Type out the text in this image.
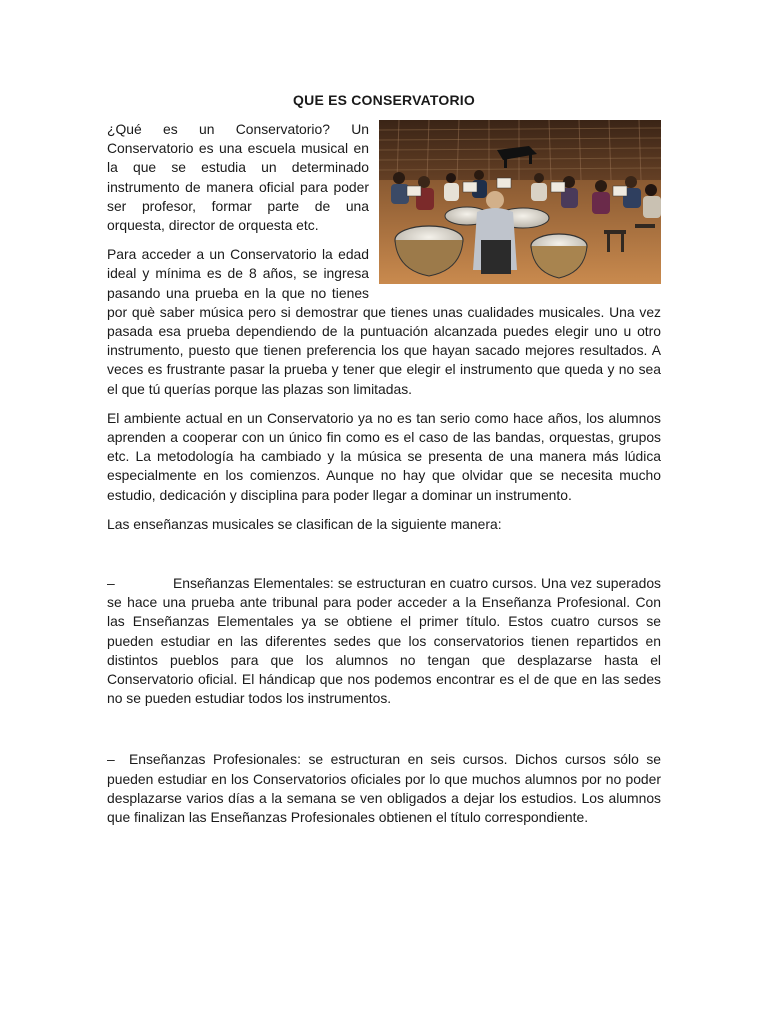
QUE ES CONSERVATORIO

¿Qué es un Conservatorio? Un Conservatorio es una escuela musical en la que se estudia un determinado instrumento de manera oficial para poder ser profesor, formar parte de una orquesta, director de orquesta etc.

Para acceder a un Conservatorio la edad ideal y mínima es de 8 años, se ingresa pasando una prueba en la que no tienes por què saber música pero si demostrar que tienes unas cualidades musicales. Una vez pasada esa prueba dependiendo de la puntuación alcanzada puedes elegir uno u otro instrumento, puesto que tienen preferencia los que hayan sacado mejores resultados. A veces es frustrante pasar la prueba y tener que elegir el instrumento que queda y no sea el que tú querías porque las plazas son limitadas.

El ambiente actual en un Conservatorio ya no es tan serio como hace años, los alumnos aprenden a cooperar con un único fin como es el caso de las bandas, orquestas, grupos etc. La metodología ha cambiado y la música se presenta de una manera más lúdica especialmente en los comienzos. Aunque no hay que olvidar que se necesita mucho estudio, dedicación y disciplina para poder llegar a dominar un instrumento.

Las enseñanzas musicales se clasifican de la siguiente manera:

–	Enseñanzas Elementales: se estructuran en cuatro cursos. Una vez superados se hace una prueba ante tribunal para poder acceder a la Enseñanza Profesional. Con las Enseñanzas Elementales ya se obtiene el primer título. Estos cuatro cursos se pueden estudiar en las diferentes sedes que los conservatorios tienen repartidos en distintos pueblos para que los alumnos no tengan que desplazarse hasta el Conservatorio oficial. El hándicap que nos podemos encontrar es el de que en las sedes no se pueden estudiar todos los instrumentos.

– Enseñanzas Profesionales: se estructuran en seis cursos. Dichos cursos sólo se pueden estudiar en los Conservatorios oficiales por lo que muchos alumnos por no poder desplazarse varios días a la semana se ven obligados a dejar los estudios. Los alumnos que finalizan las Enseñanzas Profesionales obtienen el título correspondiente.
